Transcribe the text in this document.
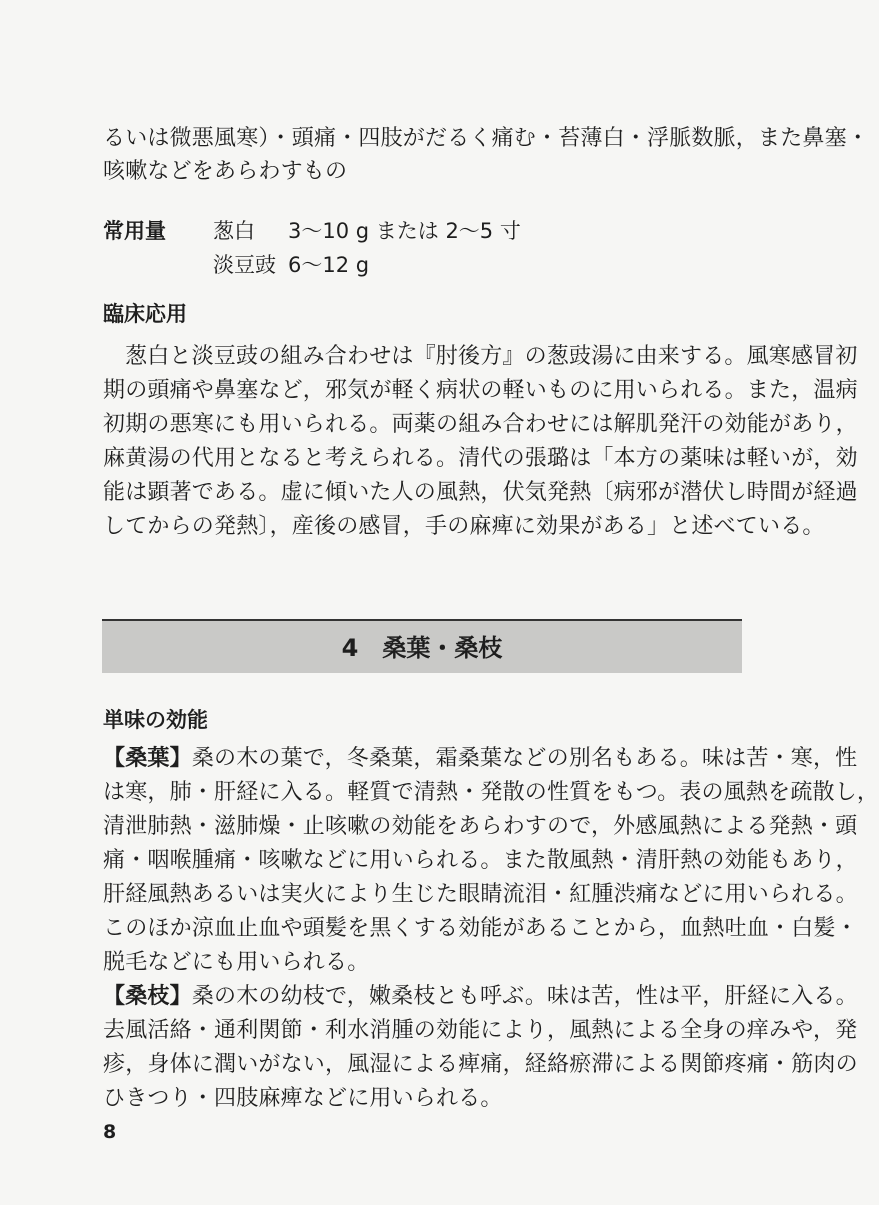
るいは微悪風寒）・頭痛・四肢がだるく痛む・苔薄白・浮脈数脈，また鼻塞・
咳嗽などをあらわすもの
常用量 葱白 3〜10 g または 2〜5 寸
淡豆豉 6〜12 g
臨床応用
葱白と淡豆豉の組み合わせは『肘後方』の葱豉湯に由来する。風寒感冒初
期の頭痛や鼻塞など，邪気が軽く病状の軽いものに用いられる。また，温病
初期の悪寒にも用いられる。両薬の組み合わせには解肌発汗の効能があり，
麻黄湯の代用となると考えられる。清代の張璐は「本方の薬味は軽いが，効
能は顕著である。虚に傾いた人の風熱，伏気発熱〔病邪が潜伏し時間が経過
してからの発熱〕，産後の感冒，手の麻痺に効果がある」と述べている。
4　桑葉・桑枝
単味の効能
【桑葉】桑の木の葉で，冬桑葉，霜桑葉などの別名もある。味は苦・寒，性
は寒，肺・肝経に入る。軽質で清熱・発散の性質をもつ。表の風熱を疏散し，
清泄肺熱・滋肺燥・止咳嗽の効能をあらわすので，外感風熱による発熱・頭
痛・咽喉腫痛・咳嗽などに用いられる。また散風熱・清肝熱の効能もあり，
肝経風熱あるいは実火により生じた眼睛流泪・紅腫渋痛などに用いられる。
このほか涼血止血や頭髪を黒くする効能があることから，血熱吐血・白髪・
脱毛などにも用いられる。
【桑枝】桑の木の幼枝で，嫩桑枝とも呼ぶ。味は苦，性は平，肝経に入る。
去風活絡・通利関節・利水消腫の効能により，風熱による全身の痒みや，発
疹，身体に潤いがない，風湿による痺痛，経絡瘀滞による関節疼痛・筋肉の
ひきつり・四肢麻痺などに用いられる。
8
